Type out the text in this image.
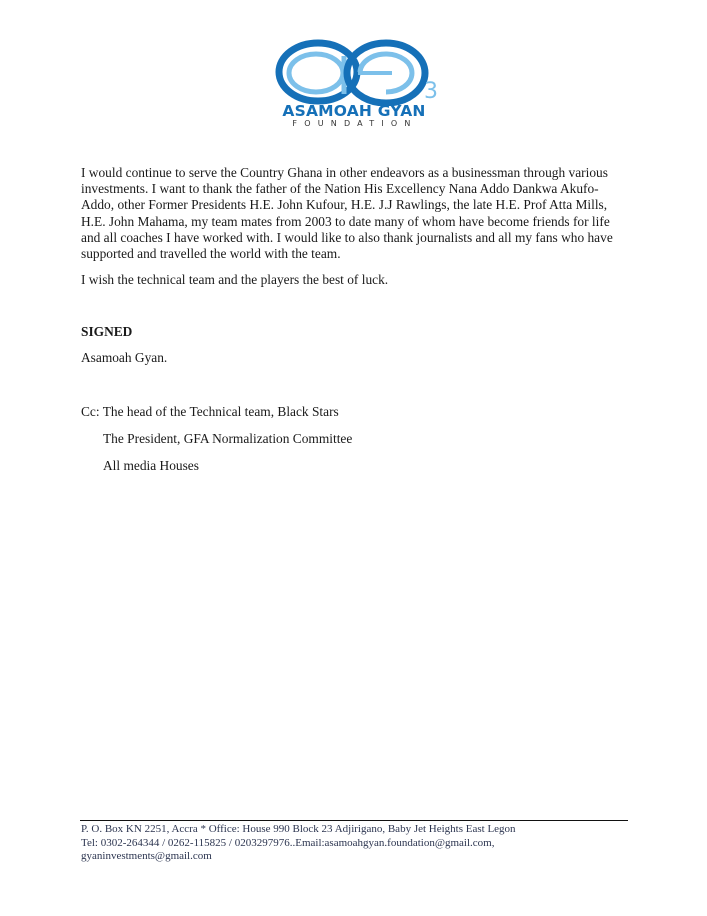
3
ASAMOAH GYAN
FOUNDATION

I would continue to serve the Country Ghana in other endeavors as a businessman through various
investments. I want to thank the father of the Nation His Excellency Nana Addo Dankwa Akufo-
Addo, other Former Presidents H.E. John Kufour, H.E. J.J Rawlings, the late H.E. Prof Atta Mills,
H.E. John Mahama, my team mates from 2003 to date many of whom have become friends for life
and all coaches I have worked with. I would like to also thank journalists and all my fans who have
supported and travelled the world with the team.

I wish the technical team and the players the best of luck.
SIGNED
Asamoah Gyan.
Cc: The head of the Technical team, Black Stars
The President, GFA Normalization Committee
All media Houses
P. O. Box KN 2251, Accra * Office: House 990 Block 23 Adjirigano, Baby Jet Heights East Legon
Tel: 0302-264344 / 0262-115825 / 0203297976..Email:asamoahgyan.foundation@gmail.com,
gyaninvestments@gmail.com
